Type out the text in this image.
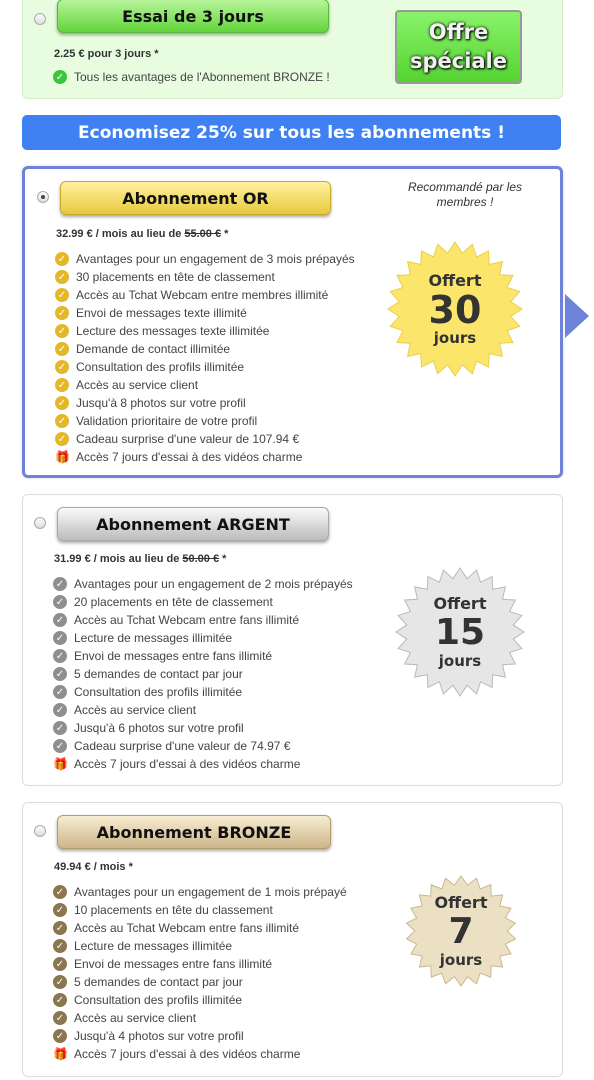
Essai de 3 jours
2.25 € pour 3 jours *
✓
Tous les avantages de l'Abonnement BRONZE !
Offre
spéciale
Economisez 25% sur tous les abonnements !
Abonnement OR
Recommandé par les membres !
32.99 € / mois au lieu de 55.00 € *
✓
Avantages pour un engagement de 3 mois prépayés
✓
30 placements en tête de classement
✓
Accès au Tchat Webcam entre membres illimité
✓
Envoi de messages texte illimité
✓
Lecture des messages texte illimitée
✓
Demande de contact illimitée
✓
Consultation des profils illimitée
✓
Accès au service client
✓
Jusqu'à 8 photos sur votre profil
✓
Validation prioritaire de votre profil
✓
Cadeau surprise d'une valeur de 107.94 €
🎁 Accès 7 jours d'essai à des vidéos charme
Offert
30
jours
Abonnement ARGENT
31.99 € / mois au lieu de 50.00 € *
✓
Avantages pour un engagement de 2 mois prépayés
✓
20 placements en tête de classement
✓
Accès au Tchat Webcam entre fans illimité
✓
Lecture de messages illimitée
✓
Envoi de messages entre fans illimité
✓
5 demandes de contact par jour
✓
Consultation des profils illimitée
✓
Accès au service client
✓
Jusqu'à 6 photos sur votre profil
✓
Cadeau surprise d'une valeur de 74.97 €
🎁 Accès 7 jours d'essai à des vidéos charme
Offert
15
jours
Abonnement BRONZE
49.94 € / mois *
✓
Avantages pour un engagement de 1 mois prépayé
✓
10 placements en tête du classement
✓
Accès au Tchat Webcam entre fans illimité
✓
Lecture de messages illimitée
✓
Envoi de messages entre fans illimité
✓
5 demandes de contact par jour
✓
Consultation des profils illimitée
✓
Accès au service client
✓
Jusqu'à 4 photos sur votre profil
🎁 Accès 7 jours d'essai à des vidéos charme
Offert
7
jours
